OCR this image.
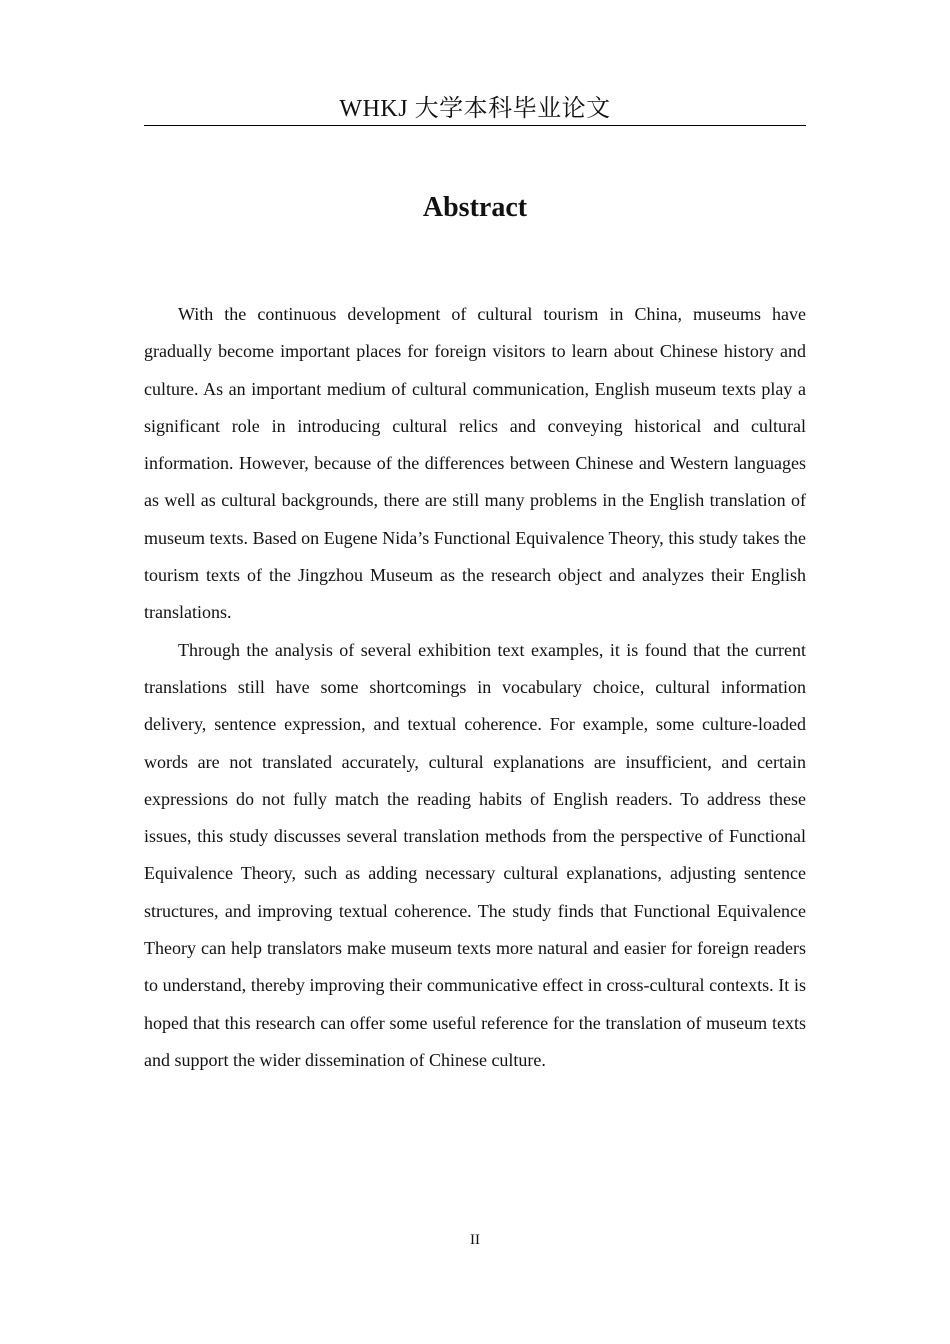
WHKJ 大学本科毕业论文
Abstract

With the continuous development of cultural tourism in China, museums have gradually become important places for foreign visitors to learn about Chinese history and culture. As an important medium of cultural communication, English museum texts play a significant role in introducing cultural relics and conveying historical and cultural information. However, because of the differences between Chinese and Western languages as well as cultural backgrounds, there are still many problems in the English translation of museum texts. Based on Eugene Nida’s Functional Equivalence Theory, this study takes the tourism texts of the Jingzhou Museum as the research object and analyzes their English translations.

Through the analysis of several exhibition text examples, it is found that the current translations still have some shortcomings in vocabulary choice, cultural information delivery, sentence expression, and textual coherence. For example, some culture-loaded words are not translated accurately, cultural explanations are insufficient, and certain expressions do not fully match the reading habits of English readers. To address these issues, this study discusses several translation methods from the perspective of Functional Equivalence Theory, such as adding necessary cultural explanations, adjusting sentence structures, and improving textual coherence. The study finds that Functional Equivalence Theory can help translators make museum texts more natural and easier for foreign readers to understand, thereby improving their communicative effect in cross-cultural contexts. It is hoped that this research can offer some useful reference for the translation of museum texts and support the wider dissemination of Chinese culture.

II
